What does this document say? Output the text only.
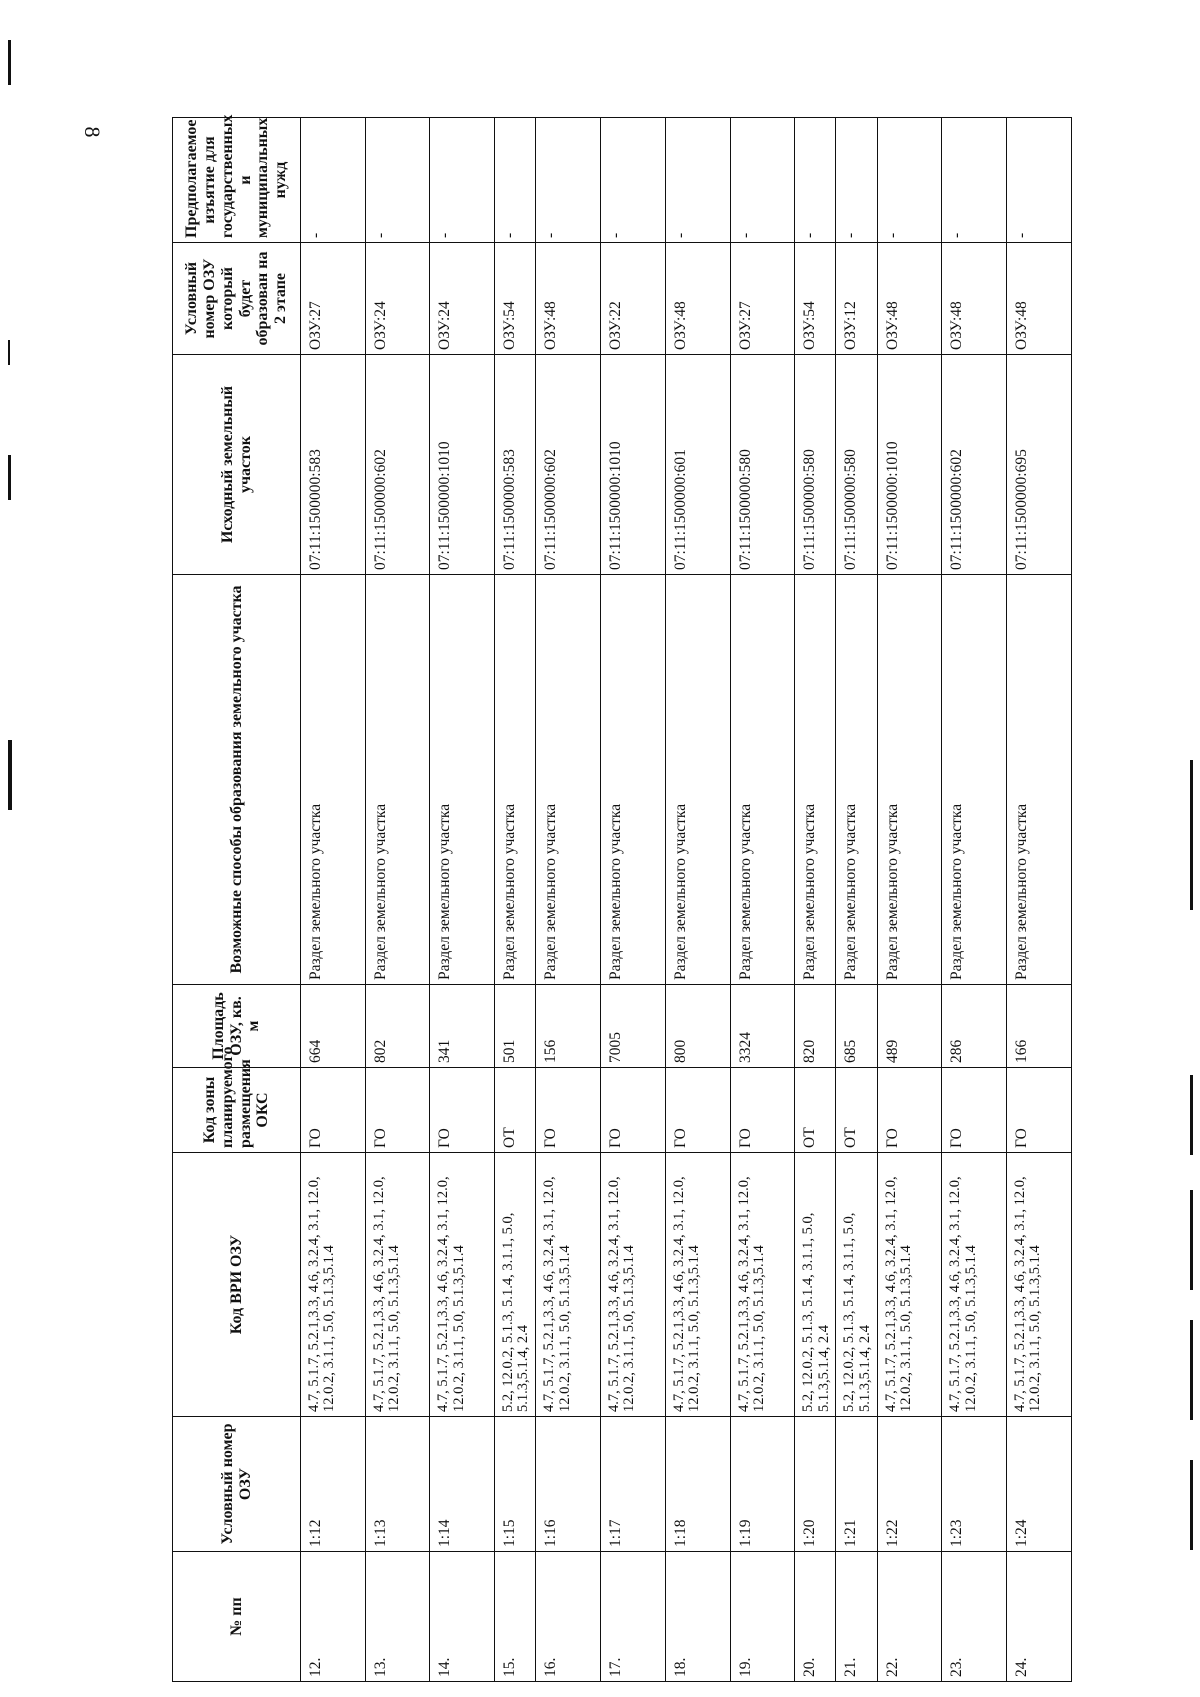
8
№ пп	Условный номер ОЗУ	Код ВРИ ОЗУ	Код зоны планируемого размещения ОКС	Площадь ОЗУ, кв. м	Возможные способы образования земельного участка	Исходный земельный участок	Условный номер ОЗУ который будет образован на 2 этапе	Предполагаемое изъятие для государственных и муниципальных нужд
12.	1:12	4.7, 5.1.7, 5.2.1,3.3, 4.6, 3.2.4, 3.1, 12.0, 12.0.2, 3.1.1, 5.0, 5.1.3,5.1.4	ГО	664	Раздел земельного участка	07:11:1500000:583	ОЗУ:27	-
13.	1:13	4.7, 5.1.7, 5.2.1,3.3, 4.6, 3.2.4, 3.1, 12.0, 12.0.2, 3.1.1, 5.0, 5.1.3,5.1.4	ГО	802	Раздел земельного участка	07:11:1500000:602	ОЗУ:24	-
14.	1:14	4.7, 5.1.7, 5.2.1,3.3, 4.6, 3.2.4, 3.1, 12.0, 12.0.2, 3.1.1, 5.0, 5.1.3,5.1.4	ГО	341	Раздел земельного участка	07:11:1500000:1010	ОЗУ:24	-
15.	1:15	5.2, 12.0.2, 5.1.3, 5.1.4, 3.1.1, 5.0, 5.1.3,5.1.4, 2.4	ОТ	501	Раздел земельного участка	07:11:1500000:583	ОЗУ:54	-
16.	1:16	4.7, 5.1.7, 5.2.1,3.3, 4.6, 3.2.4, 3.1, 12.0, 12.0.2, 3.1.1, 5.0, 5.1.3,5.1.4	ГО	156	Раздел земельного участка	07:11:1500000:602	ОЗУ:48	-
17.	1:17	4.7, 5.1.7, 5.2.1,3.3, 4.6, 3.2.4, 3.1, 12.0, 12.0.2, 3.1.1, 5.0, 5.1.3,5.1.4	ГО	7005	Раздел земельного участка	07:11:1500000:1010	ОЗУ:22	-
18.	1:18	4.7, 5.1.7, 5.2.1,3.3, 4.6, 3.2.4, 3.1, 12.0, 12.0.2, 3.1.1, 5.0, 5.1.3,5.1.4	ГО	800	Раздел земельного участка	07:11:1500000:601	ОЗУ:48	-
19.	1:19	4.7, 5.1.7, 5.2.1,3.3, 4.6, 3.2.4, 3.1, 12.0, 12.0.2, 3.1.1, 5.0, 5.1.3,5.1.4	ГО	3324	Раздел земельного участка	07:11:1500000:580	ОЗУ:27	-
20.	1:20	5.2, 12.0.2, 5.1.3, 5.1.4, 3.1.1, 5.0, 5.1.3,5.1.4, 2.4	ОТ	820	Раздел земельного участка	07:11:1500000:580	ОЗУ:54	-
21.	1:21	5.2, 12.0.2, 5.1.3, 5.1.4, 3.1.1, 5.0, 5.1.3,5.1.4, 2.4	ОТ	685	Раздел земельного участка	07:11:1500000:580	ОЗУ:12	-
22.	1:22	4.7, 5.1.7, 5.2.1,3.3, 4.6, 3.2.4, 3.1, 12.0, 12.0.2, 3.1.1, 5.0, 5.1.3,5.1.4	ГО	489	Раздел земельного участка	07:11:1500000:1010	ОЗУ:48	-
23.	1:23	4.7, 5.1.7, 5.2.1,3.3, 4.6, 3.2.4, 3.1, 12.0, 12.0.2, 3.1.1, 5.0, 5.1.3,5.1.4	ГО	286	Раздел земельного участка	07:11:1500000:602	ОЗУ:48	-
24.	1:24	4.7, 5.1.7, 5.2.1,3.3, 4.6, 3.2.4, 3.1, 12.0, 12.0.2, 3.1.1, 5.0, 5.1.3,5.1.4	ГО	166	Раздел земельного участка	07:11:1500000:695	ОЗУ:48	-
